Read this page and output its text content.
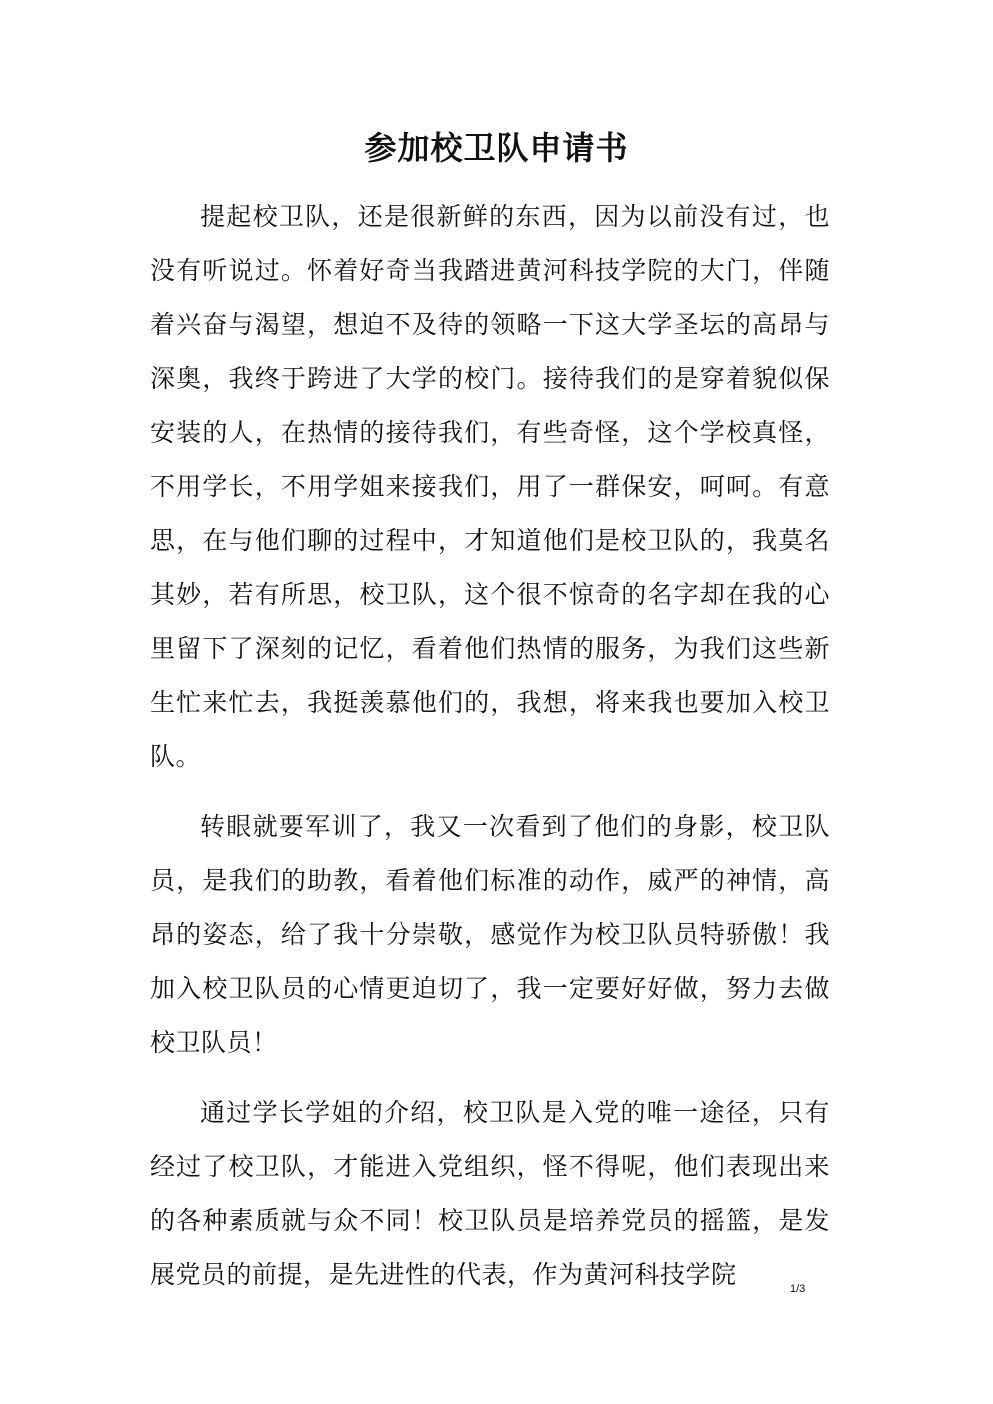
参加校卫队申请书

提起校卫队，还是很新鲜的东西，因为以前没有过，也没有听说过。怀着好奇当我踏进黄河科技学院的大门，伴随着兴奋与渴望，想迫不及待的领略一下这大学圣坛的高昂与深奥，我终于跨进了大学的校门。接待我们的是穿着貌似保安装的人，在热情的接待我们，有些奇怪，这个学校真怪，不用学长，不用学姐来接我们，用了一群保安，呵呵。有意思，在与他们聊的过程中，才知道他们是校卫队的，我莫名其妙，若有所思，校卫队，这个很不惊奇的名字却在我的心里留下了深刻的记忆，看着他们热情的服务，为我们这些新生忙来忙去，我挺羡慕他们的，我想，将来我也要加入校卫队。

转眼就要军训了，我又一次看到了他们的身影，校卫队员，是我们的助教，看着他们标准的动作，威严的神情，高昂的姿态，给了我十分崇敬，感觉作为校卫队员特骄傲！我加入校卫队员的心情更迫切了，我一定要好好做，努力去做校卫队员！

通过学长学姐的介绍，校卫队是入党的唯一途径，只有经过了校卫队，才能进入党组织，怪不得呢，他们表现出来的各种素质就与众不同！校卫队员是培养党员的摇篮，是发展党员的前提，是先进性的代表，作为黄河科技学院	1/3
